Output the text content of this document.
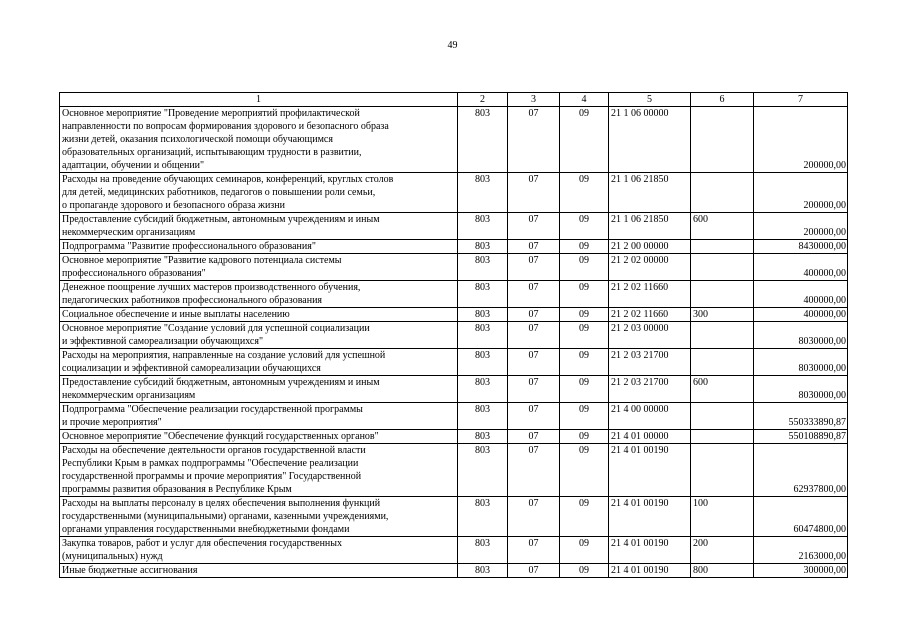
49
1	2	3	4	5	6	7
Основное мероприятие "Проведение мероприятий профилактической
направленности по вопросам формирования здорового и безопасного образа
жизни детей, оказания психологической помощи обучающимся
образовательных организаций, испытывающим трудности в развитии,
адаптации, обучении и общении"	803	07	09	21 1 06 00000		200000,00
Расходы на проведение обучающих семинаров, конференций, круглых столов
для детей, медицинских работников, педагогов о повышении роли семьи,
о пропаганде здорового и безопасного образа жизни	803	07	09	21 1 06 21850		200000,00
Предоставление субсидий бюджетным, автономным учреждениям и иным
некоммерческим организациям	803	07	09	21 1 06 21850	600	200000,00
Подпрограмма "Развитие профессионального образования"	803	07	09	21 2 00 00000		8430000,00
Основное мероприятие "Развитие кадрового потенциала системы
профессионального образования"	803	07	09	21 2 02 00000		400000,00
Денежное поощрение лучших мастеров производственного обучения,
педагогических работников профессионального образования	803	07	09	21 2 02 11660		400000,00
Социальное обеспечение и иные выплаты населению	803	07	09	21 2 02 11660	300	400000,00
Основное мероприятие "Создание условий для успешной социализации
и эффективной самореализации обучающихся"	803	07	09	21 2 03 00000		8030000,00
Расходы на мероприятия, направленные на создание условий для успешной
социализации и эффективной самореализации обучающихся	803	07	09	21 2 03 21700		8030000,00
Предоставление субсидий бюджетным, автономным учреждениям и иным
некоммерческим организациям	803	07	09	21 2 03 21700	600	8030000,00
Подпрограмма "Обеспечение реализации государственной программы
и прочие мероприятия"	803	07	09	21 4 00 00000		550333890,87
Основное мероприятие "Обеспечение функций государственных органов"	803	07	09	21 4 01 00000		550108890,87
Расходы на обеспечение деятельности органов государственной власти
Республики Крым в рамках подпрограммы "Обеспечение реализации
государственной программы и прочие мероприятия" Государственной
программы развития образования в Республике Крым	803	07	09	21 4 01 00190		62937800,00
Расходы на выплаты персоналу в целях обеспечения выполнения функций
государственными (муниципальными) органами, казенными учреждениями,
органами управления государственными внебюджетными фондами	803	07	09	21 4 01 00190	100	60474800,00
Закупка товаров, работ и услуг для обеспечения государственных
(муниципальных) нужд	803	07	09	21 4 01 00190	200	2163000,00
Иные бюджетные ассигнования	803	07	09	21 4 01 00190	800	300000,00
